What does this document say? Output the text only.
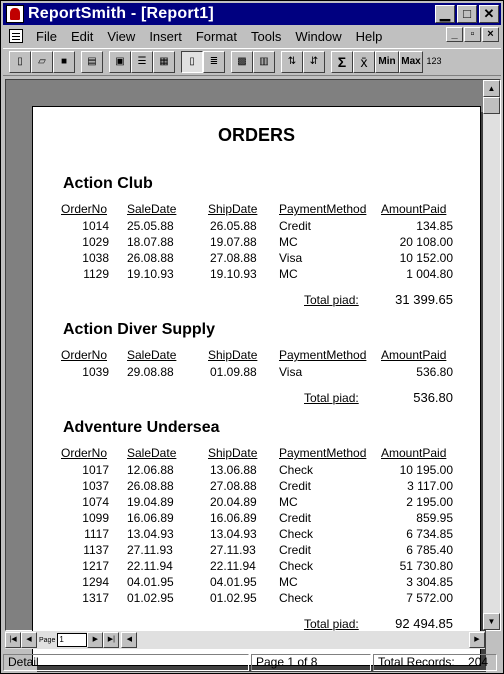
ReportSmith - [Report1]	▁	□ ✕
File	Edit	View	Insert	Format	Tools	Window	Help	_	▫	×
▯	▱	■	▤	▣	☰	▦	▯	≣	▩	▥	⇅	⇵	Σ	x̄	Min Max 123
ORDERS
Action Club
OrderNo SaleDate	ShipDate PaymentMethod AmountPaid
1014 25.05.88	26.05.88 Credit	134.85
1029 18.07.88	19.07.88 MC	20 108.00
1038 26.08.88	27.08.88 Visa	10 152.00
1129 19.10.93	19.10.93 MC	1 004.80
Total piad:	31 399.65
Action Diver Supply
OrderNo SaleDate	ShipDate PaymentMethod AmountPaid
1039 29.08.88	01.09.88 Visa	536.80
Total piad:	536.80
Adventure Undersea
OrderNo SaleDate	ShipDate PaymentMethod AmountPaid
1017 12.06.88	13.06.88 Check	10 195.00
1037 26.08.88	27.08.88 Credit	3 117.00
1074 19.04.89	20.04.89 MC	2 195.00
1099 16.06.89	16.06.89 Credit	859.95
1117 13.04.93	13.04.93 Check	6 734.85
1137 27.11.93	27.11.93 Credit	6 785.40
1217 22.11.94	22.11.94 Check	51 730.80
1294 04.01.95	04.01.95 MC	3 304.85
1317 01.02.95	01.02.95 Check	7 572.00
Total piad:	92 494.85
▲
▼
|◀	◀	Page 1	▶	▶|	◀	▶
Detail	Page 1 of 8	Total Records:    204
